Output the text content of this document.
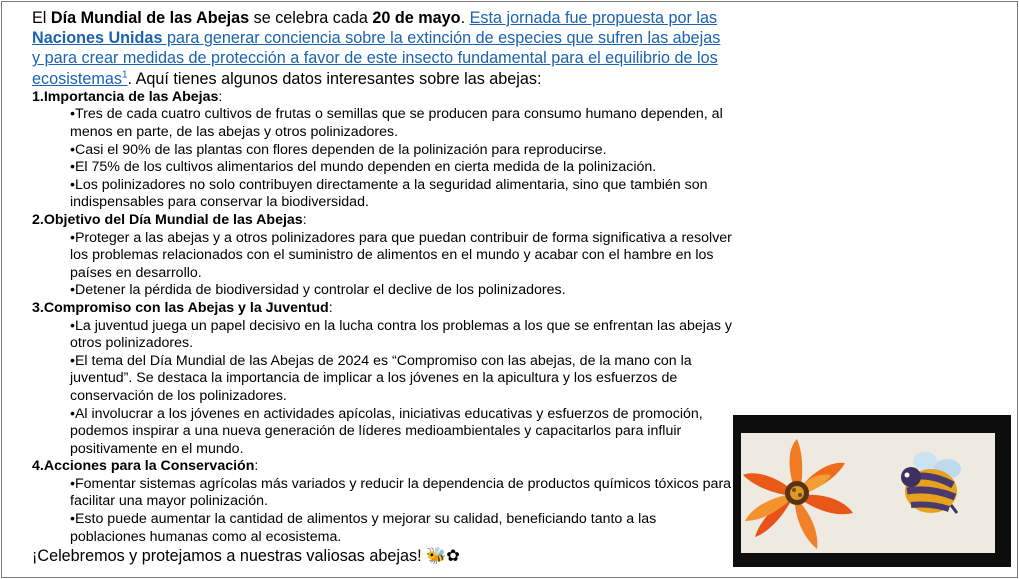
El Día Mundial de las Abejas se celebra cada 20 de mayo. Esta jornada fue propuesta por las Naciones Unidas para generar conciencia sobre la extinción de especies que sufren las abejas y para crear medidas de protección a favor de este insecto fundamental para el equilibrio de los ecosistemas$^1$. Aquí tienes algunos datos interesantes sobre las abejas:

1.Importancia de las Abejas:

•Tres de cada cuatro cultivos de frutas o semillas que se producen para consumo humano dependen, al menos en parte, de las abejas y otros polinizadores.

•Casi el 90% de las plantas con flores dependen de la polinización para reproducirse.

•El 75% de los cultivos alimentarios del mundo dependen en cierta medida de la polinización.

•Los polinizadores no solo contribuyen directamente a la seguridad alimentaria, sino que también son indispensables para conservar la biodiversidad.

2.Objetivo del Día Mundial de las Abejas:

•Proteger a las abejas y a otros polinizadores para que puedan contribuir de forma significativa a resolver los problemas relacionados con el suministro de alimentos en el mundo y acabar con el hambre en los países en desarrollo.

•Detener la pérdida de biodiversidad y controlar el declive de los polinizadores.

3.Compromiso con las Abejas y la Juventud:

•La juventud juega un papel decisivo en la lucha contra los problemas a los que se enfrentan las abejas y otros polinizadores.

•El tema del Día Mundial de las Abejas de 2024 es “Compromiso con las abejas, de la mano con la juventud”. Se destaca la importancia de implicar a los jóvenes en la apicultura y los esfuerzos de conservación de los polinizadores.

•Al involucrar a los jóvenes en actividades apícolas, iniciativas educativas y esfuerzos de promoción, podemos inspirar a una nueva generación de líderes medioambientales y capacitarlos para influir positivamente en el mundo.

4.Acciones para la Conservación:

•Fomentar sistemas agrícolas más variados y reducir la dependencia de productos químicos tóxicos para facilitar una mayor polinización.

•Esto puede aumentar la cantidad de alimentos y mejorar su calidad, beneficiando tanto a las poblaciones humanas como al ecosistema.

¡Celebremos y protejamos a nuestras valiosas abejas! 🐝✿
